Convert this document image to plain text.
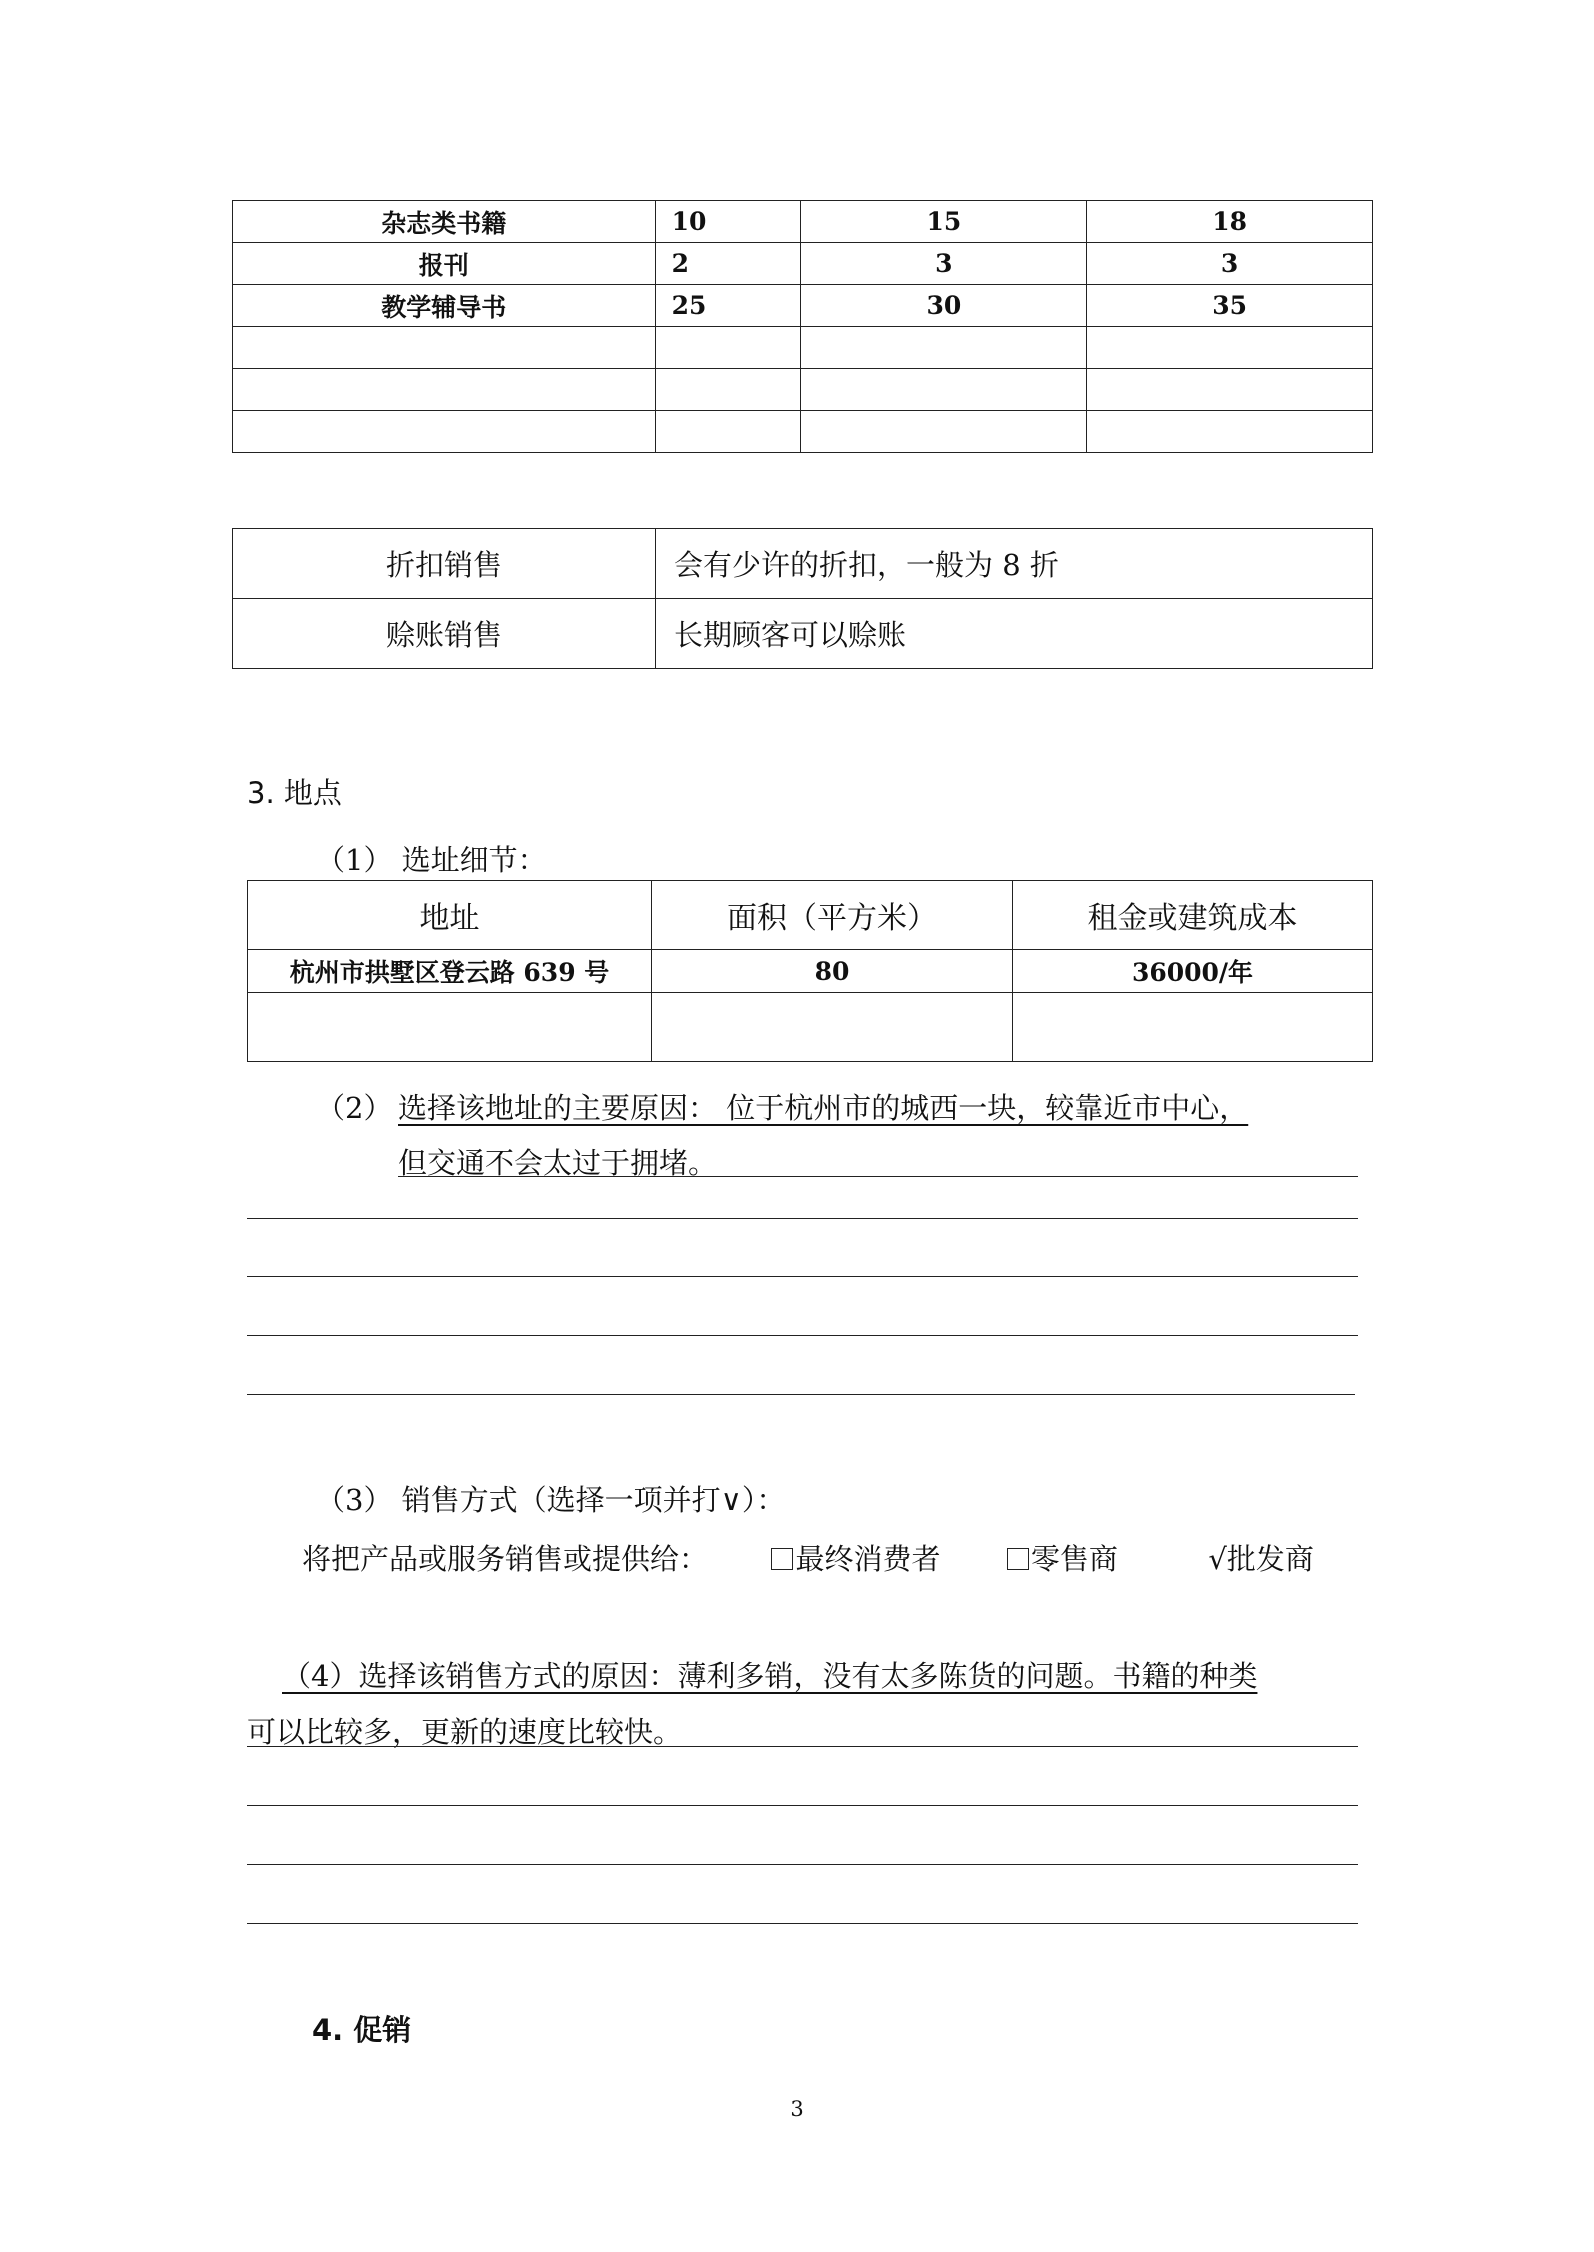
杂志类书籍	10	15	18
报刊	2	3	3
教学辅导书	25	30	35

折扣销售	会有少许的折扣，一般为 8 折
赊账销售	长期顾客可以赊账
3. 地点
（1） 选址细节：
地址	面积（平方米）	租金或建筑成本
杭州市拱墅区登云路 639 号	80	36000/年

（2） 选择该地址的主要原因： 位于杭州市的城西一块，较靠近市中心，
但交通不会太过于拥堵。
（3） 销售方式（选择一项并打∨）：
将把产品或服务销售或提供给：	最终消费者	零售商	√批发商
（4）选择该销售方式的原因：薄利多销，没有太多陈货的问题。书籍的种类
可以比较多，更新的速度比较快。
4. 促销
3
